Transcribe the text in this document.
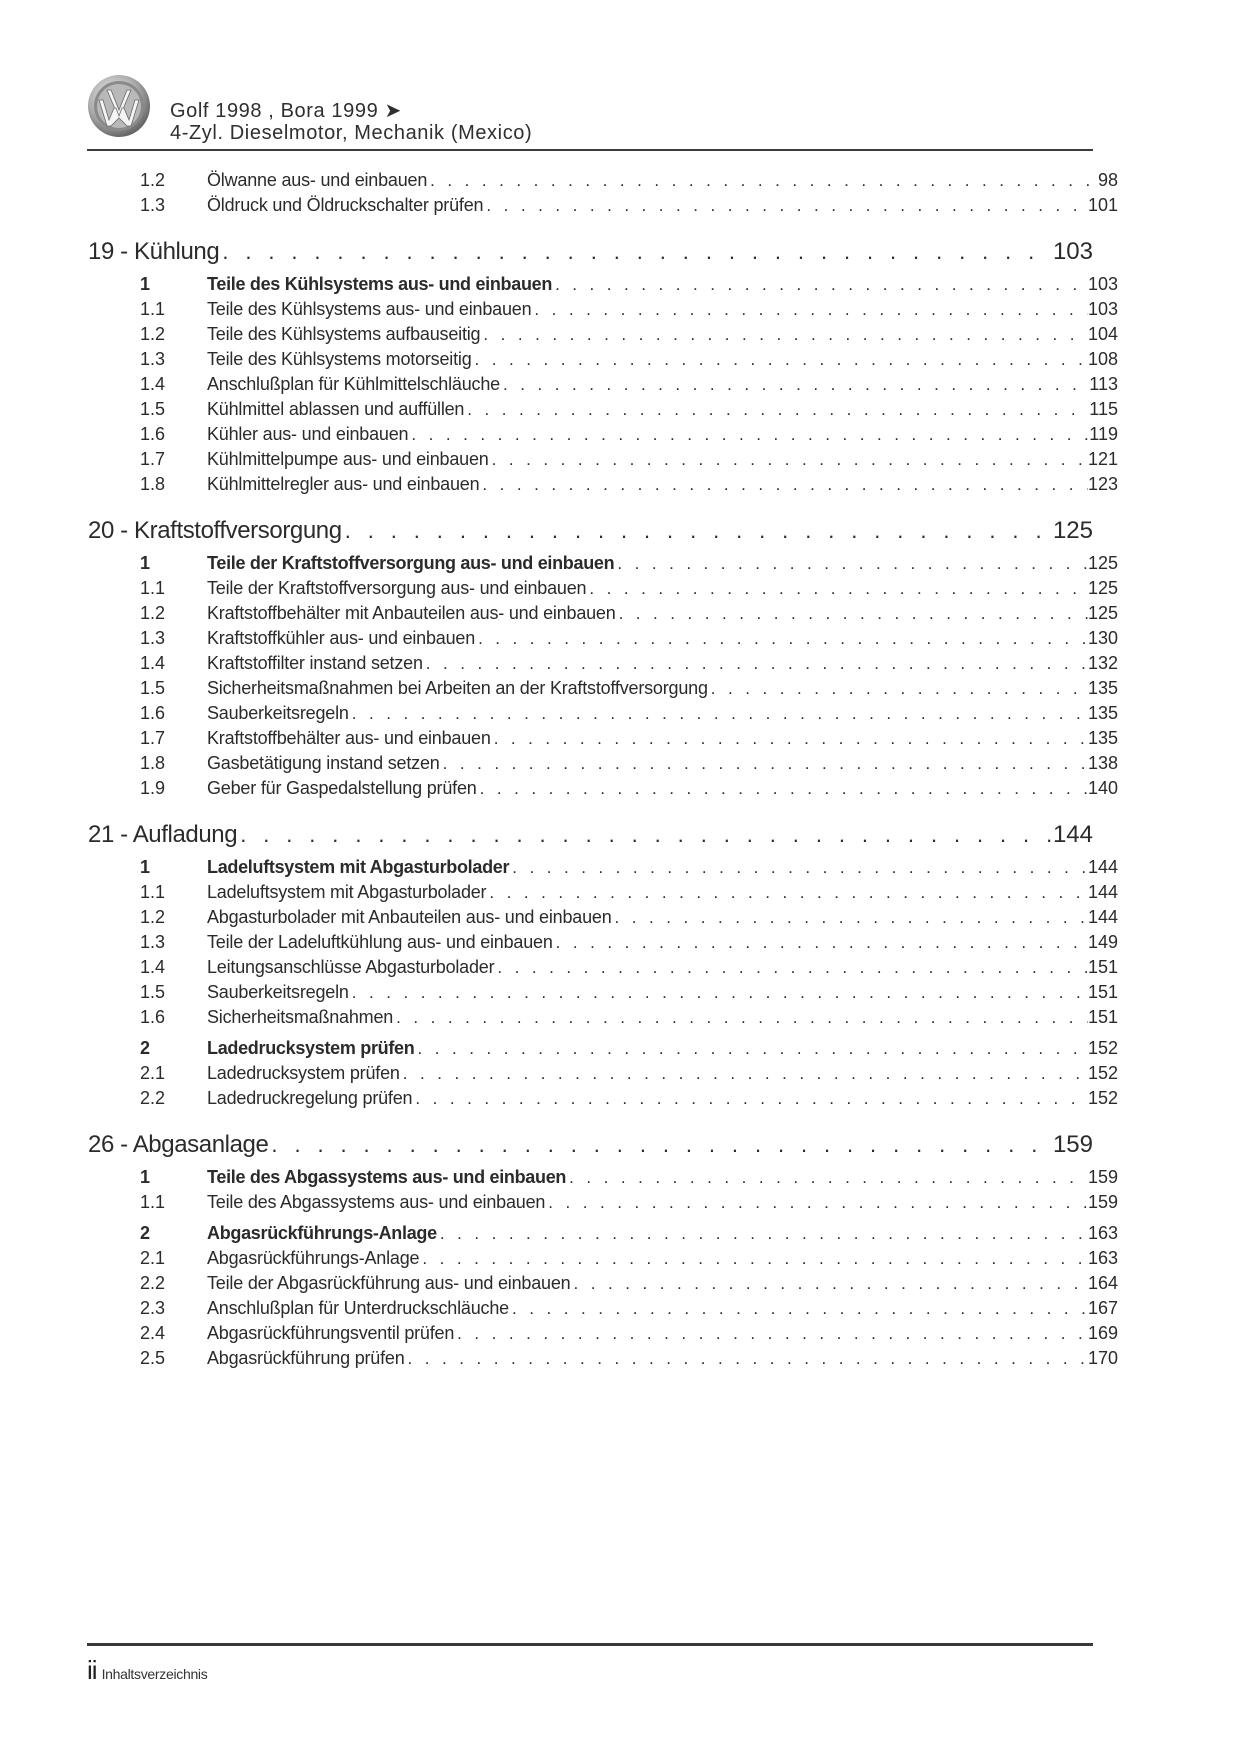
Golf 1998 , Bora 1999 ➤
4-Zyl. Dieselmotor, Mechanik (Mexico)
1.2	Ölwanne aus- und einbauen . . .	98
1.3	Öldruck und Öldruckschalter prüfen . . .	101
19 - Kühlung . . .	103
1	Teile des Kühlsystems aus- und einbauen . . .	103
1.1	Teile des Kühlsystems aus- und einbauen . . .	103
1.2	Teile des Kühlsystems aufbauseitig . . .	104
1.3	Teile des Kühlsystems motorseitig . . .	108
1.4	Anschlußplan für Kühlmittelschläuche . . .	113
1.5	Kühlmittel ablassen und auffüllen . . .	115
1.6	Kühler aus- und einbauen . . .	119
1.7	Kühlmittelpumpe aus- und einbauen . . .	121
1.8	Kühlmittelregler aus- und einbauen . . .	123
20 - Kraftstoffversorgung . . .	125
1	Teile der Kraftstoffversorgung aus- und einbauen . . .	125
1.1	Teile der Kraftstoffversorgung aus- und einbauen . . .	125
1.2	Kraftstoffbehälter mit Anbauteilen aus- und einbauen . . .	125
1.3	Kraftstoffkühler aus- und einbauen . . .	130
1.4	Kraftstoffilter instand setzen . . .	132
1.5	Sicherheitsmaßnahmen bei Arbeiten an der Kraftstoffversorgung . . .	135
1.6	Sauberkeitsregeln . . .	135
1.7	Kraftstoffbehälter aus- und einbauen . . .	135
1.8	Gasbetätigung instand setzen . . .	138
1.9	Geber für Gaspedalstellung prüfen . . .	140
21 - Aufladung . . .	144
1	Ladeluftsystem mit Abgasturbolader . . .	144
1.1	Ladeluftsystem mit Abgasturbolader . . .	144
1.2	Abgasturbolader mit Anbauteilen aus- und einbauen . . .	144
1.3	Teile der Ladeluftkühlung aus- und einbauen . . .	149
1.4	Leitungsanschlüsse Abgasturbolader . . .	151
1.5	Sauberkeitsregeln . . .	151
1.6	Sicherheitsmaßnahmen . . .	151
2	Ladedrucksystem prüfen . . .	152
2.1	Ladedrucksystem prüfen . . .	152
2.2	Ladedruckregelung prüfen . . .	152
26 - Abgasanlage . . .	159
1	Teile des Abgassystems aus- und einbauen . . .	159
1.1	Teile des Abgassystems aus- und einbauen . . .	159
2	Abgasrückführungs-Anlage . . .	163
2.1	Abgasrückführungs-Anlage . . .	163
2.2	Teile der Abgasrückführung aus- und einbauen . . .	164
2.3	Anschlußplan für Unterdruckschläuche . . .	167
2.4	Abgasrückführungsventil prüfen . . .	169
2.5	Abgasrückführung prüfen . . .	170
ii Inhaltsverzeichnis
